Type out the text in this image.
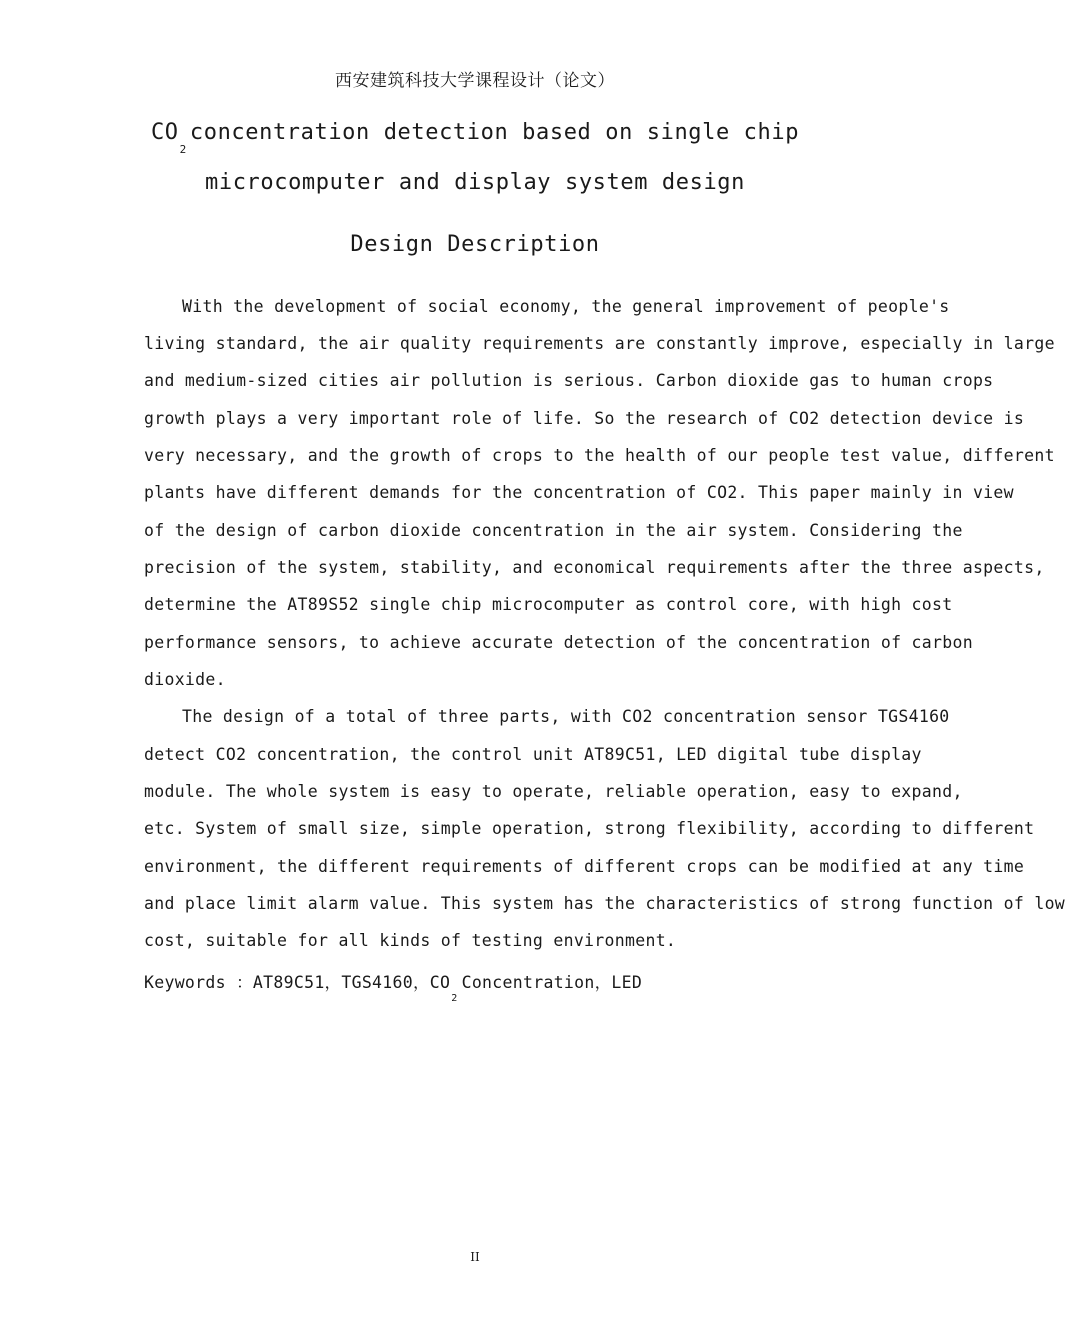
西安建筑科技大学课程设计（论文）
$CO_2concentration$ detection based on single chip
microcomputer and display system design
Design Description
With the development of social economy, the general improvement of people's
living standard, the air quality requirements are constantly improve, especially in large
and medium-sized cities air pollution is serious. Carbon dioxide gas to human crops
growth plays a very important role of life. So the research of CO2 detection device is
very necessary, and the growth of crops to the health of our people test value, different
plants have different demands for the concentration of CO2. This paper mainly in view
of the design of carbon dioxide concentration in the air system. Considering the
precision of the system, stability, and economical requirements after the three aspects,
determine the AT89S52 single chip microcomputer as control core, with high cost
performance sensors, to achieve accurate detection of the concentration of carbon
dioxide.
The design of a total of three parts, with CO2 concentration sensor TGS4160
detect CO2 concentration, the control unit AT89C51, LED digital tube display
module. The whole system is easy to operate, reliable operation, easy to expand,
etc. System of small size, simple operation, strong flexibility, according to different
environment, the different requirements of different crops can be modified at any time
and place limit alarm value. This system has the characteristics of strong function of low
cost, suitable for all kinds of testing environment.
Keywords ：AT89C51，TGS4160，$CO_2Concentration$，LED
II
